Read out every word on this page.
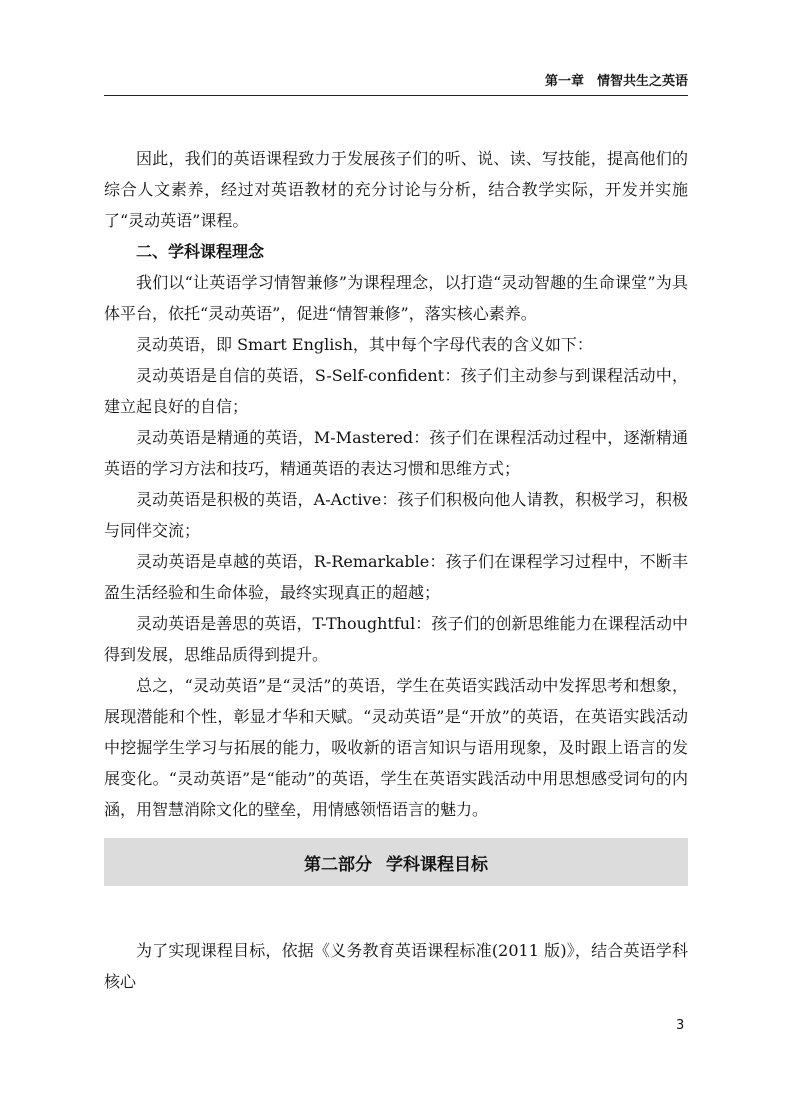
第一章　情智共生之英语

因此，我们的英语课程致力于发展孩子们的听、说、读、写技能，提高他们的综合人文素养，经过对英语教材的充分讨论与分析，结合教学实际，开发并实施了“灵动英语”课程。

二、学科课程理念

我们以“让英语学习情智兼修”为课程理念，以打造“灵动智趣的生命课堂”为具体平台，依托“灵动英语”，促进“情智兼修”，落实核心素养。

灵动英语，即 Smart English，其中每个字母代表的含义如下：

灵动英语是自信的英语，S-Self-confident：孩子们主动参与到课程活动中，建立起良好的自信；

灵动英语是精通的英语，M-Mastered：孩子们在课程活动过程中，逐渐精通英语的学习方法和技巧，精通英语的表达习惯和思维方式；

灵动英语是积极的英语，A-Active：孩子们积极向他人请教，积极学习，积极与同伴交流；

灵动英语是卓越的英语，R-Remarkable：孩子们在课程学习过程中，不断丰盈生活经验和生命体验，最终实现真正的超越；

灵动英语是善思的英语，T-Thoughtful：孩子们的创新思维能力在课程活动中得到发展，思维品质得到提升。

总之，“灵动英语”是“灵活”的英语，学生在英语实践活动中发挥思考和想象，展现潜能和个性，彰显才华和天赋。“灵动英语”是“开放”的英语，在英语实践活动中挖掘学生学习与拓展的能力，吸收新的语言知识与语用现象，及时跟上语言的发展变化。“灵动英语”是“能动”的英语，学生在英语实践活动中用思想感受词句的内涵，用智慧消除文化的壁垒，用情感领悟语言的魅力。

第二部分 学科课程目标

为了实现课程目标，依据《义务教育英语课程标准(2011 版)》，结合英语学科核心

3
